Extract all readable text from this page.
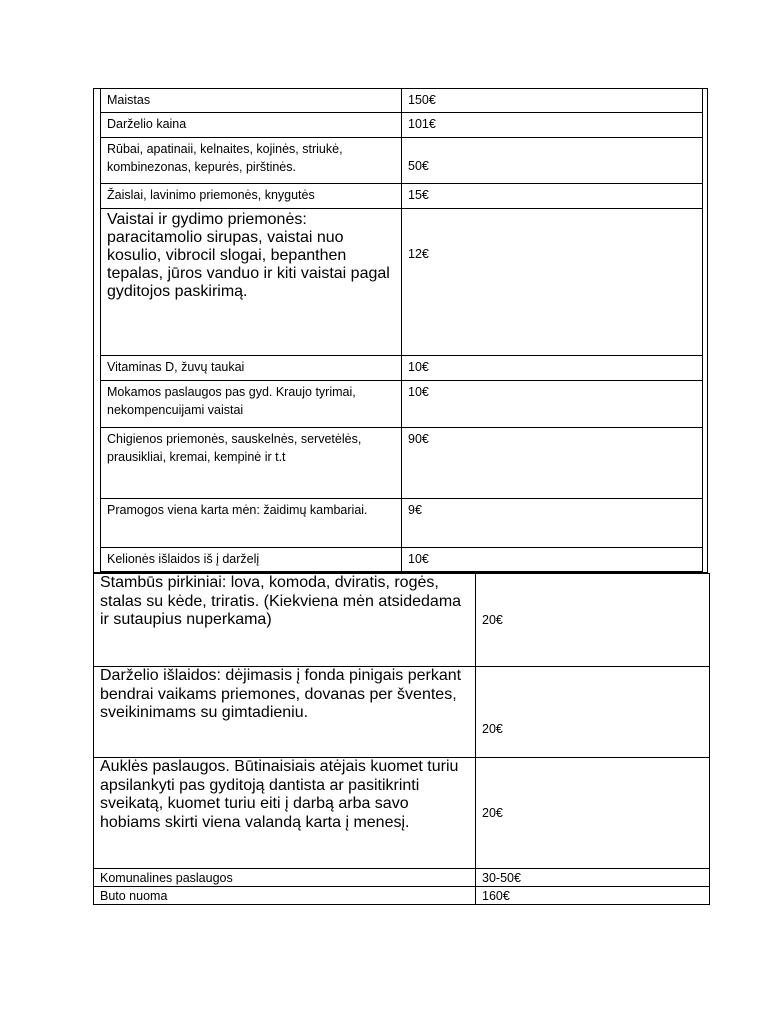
Maistas	150€
Darželio kaina	101€
Rūbai, apatinaii, kelnaites, kojinės, striukė, kombinezonas, kepurės, pirštinės.	50€
Žaislai, lavinimo priemonės, knygutės	15€
Vaistai ir gydimo priemonės: paracitamolio sirupas, vaistai nuo kosulio, vibrocil slogai, bepanthen tepalas, jūros vanduo ir kiti vaistai pagal gyditojos paskirimą.	12€
Vitaminas D, žuvų taukai	10€
Mokamos paslaugos pas gyd. Kraujo tyrimai, nekompencuijami vaistai	10€
Chigienos priemonės, sauskelnės, servetėlės, prausikliai, kremai, kempinė ir t.t	90€
Pramogos viena karta mėn: žaidimų kambariai.	9€
Kelionės išlaidos iš į darželį	10€
Stambūs pirkiniai: lova, komoda, dviratis, rogės, stalas su kėde, triratis. (Kiekviena mėn atsidedama ir sutaupius nuperkama)	20€
Darželio išlaidos: dėjimasis į fonda pinigais perkant bendrai vaikams priemones, dovanas per šventes, sveikinimams su gimtadieniu.	20€
Auklės paslaugos. Būtinaisiais atėjais kuomet turiu apsilankyti pas gyditoją dantista ar pasitikrinti sveikatą, kuomet turiu eiti į darbą arba savo hobiams skirti viena valandą karta į menesį.	20€
Komunalines paslaugos	30-50€
Buto nuoma	160€
